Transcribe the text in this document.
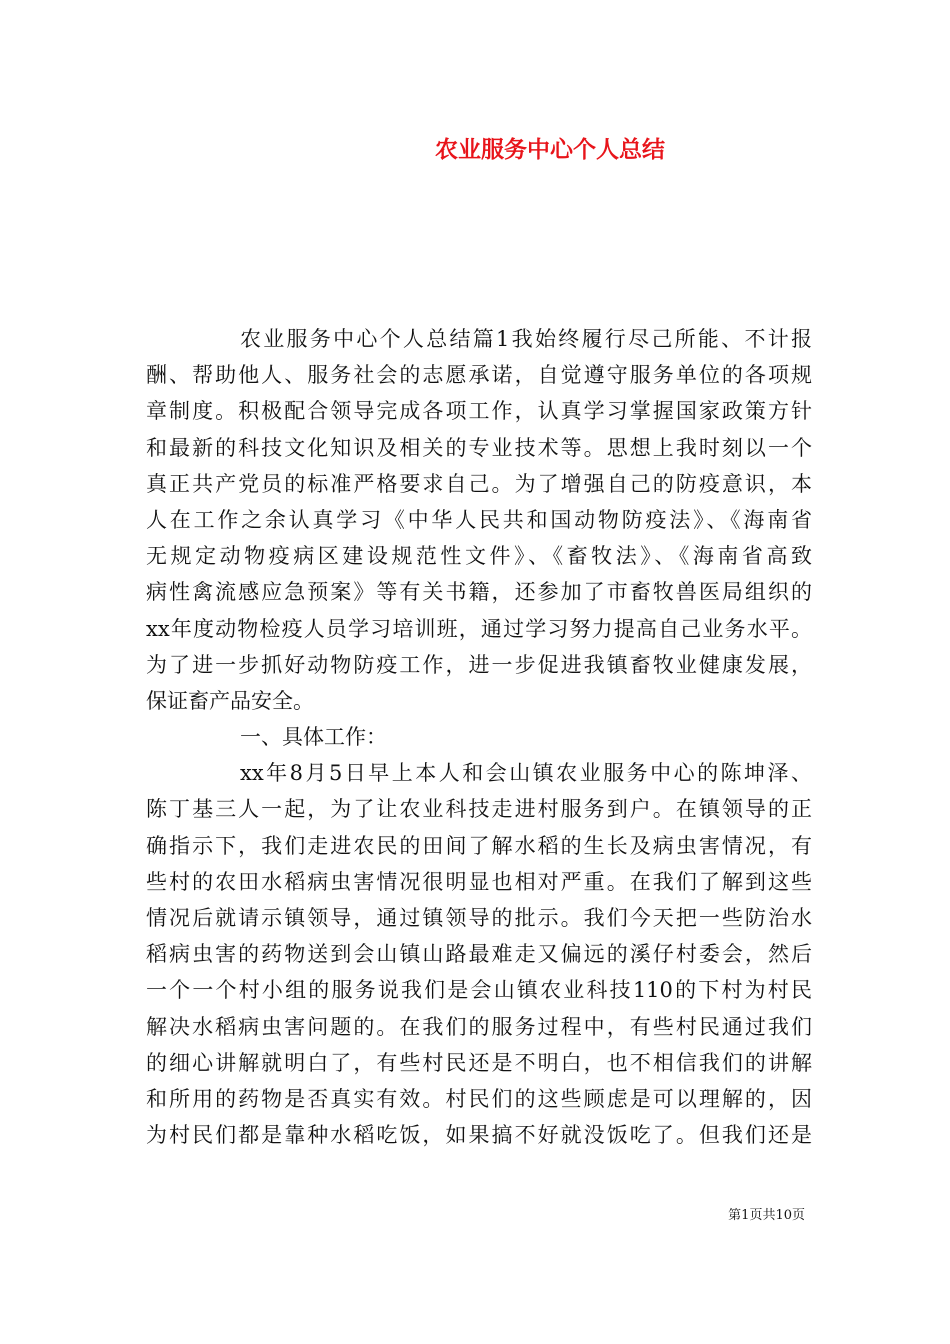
农业服务中心个人总结
农业服务中心个人总结篇1我始终履行尽己所能、不计报
酬、帮助他人、服务社会的志愿承诺，自觉遵守服务单位的各项规
章制度。积极配合领导完成各项工作，认真学习掌握国家政策方针
和最新的科技文化知识及相关的专业技术等。思想上我时刻以一个
真正共产党员的标准严格要求自己。为了增强自己的防疫意识，本
人在工作之余认真学习《中华人民共和国动物防疫法》、《海南省
无规定动物疫病区建设规范性文件》、《畜牧法》、《海南省高致
病性禽流感应急预案》等有关书籍，还参加了市畜牧兽医局组织的
xx年度动物检疫人员学习培训班，通过学习努力提高自己业务水平。
为了进一步抓好动物防疫工作，进一步促进我镇畜牧业健康发展，
保证畜产品安全。
一、具体工作：
xx年8月5日早上本人和会山镇农业服务中心的陈坤泽、
陈丁基三人一起，为了让农业科技走进村服务到户。在镇领导的正
确指示下，我们走进农民的田间了解水稻的生长及病虫害情况，有
些村的农田水稻病虫害情况很明显也相对严重。在我们了解到这些
情况后就请示镇领导，通过镇领导的批示。我们今天把一些防治水
稻病虫害的药物送到会山镇山路最难走又偏远的溪仔村委会，然后
一个一个村小组的服务说我们是会山镇农业科技110的下村为村民
解决水稻病虫害问题的。在我们的服务过程中，有些村民通过我们
的细心讲解就明白了，有些村民还是不明白，也不相信我们的讲解
和所用的药物是否真实有效。村民们的这些顾虑是可以理解的，因
为村民们都是靠种水稻吃饭，如果搞不好就没饭吃了。但我们还是
第1页共10页
